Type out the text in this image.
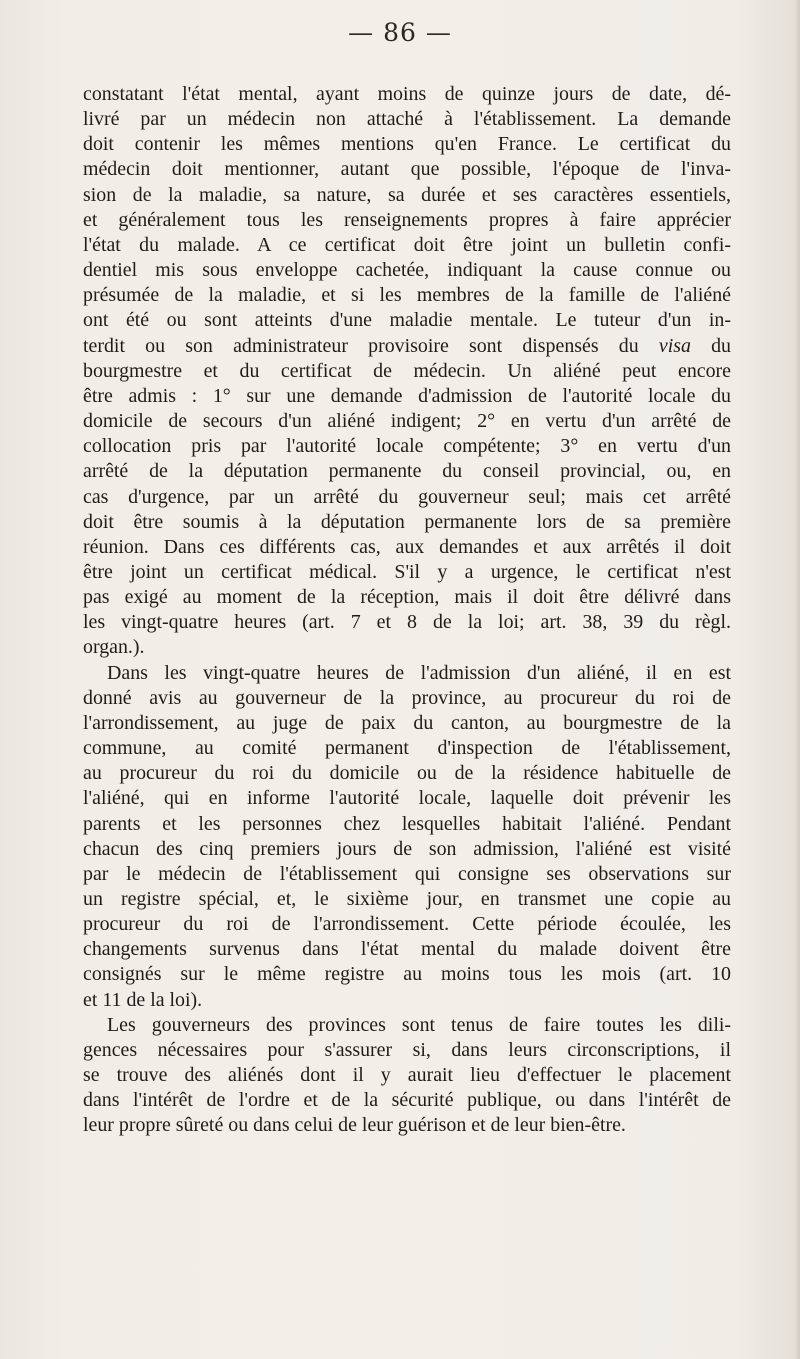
— 86 —
constatant l'état mental, ayant moins de quinze jours de date, dé-
livré par un médecin non attaché à l'établissement. La demande
doit contenir les mêmes mentions qu'en France. Le certificat du
médecin doit mentionner, autant que possible, l'époque de l'inva-
sion de la maladie, sa nature, sa durée et ses caractères essentiels,
et généralement tous les renseignements propres à faire apprécier
l'état du malade. A ce certificat doit être joint un bulletin confi-
dentiel mis sous enveloppe cachetée, indiquant la cause connue ou
présumée de la maladie, et si les membres de la famille de l'aliéné
ont été ou sont atteints d'une maladie mentale. Le tuteur d'un in-
terdit ou son administrateur provisoire sont dispensés du visa du
bourgmestre et du certificat de médecin. Un aliéné peut encore
être admis : 1° sur une demande d'admission de l'autorité locale du
domicile de secours d'un aliéné indigent; 2° en vertu d'un arrêté de
collocation pris par l'autorité locale compétente; 3° en vertu d'un
arrêté de la députation permanente du conseil provincial, ou, en
cas d'urgence, par un arrêté du gouverneur seul; mais cet arrêté
doit être soumis à la députation permanente lors de sa première
réunion. Dans ces différents cas, aux demandes et aux arrêtés il doit
être joint un certificat médical. S'il y a urgence, le certificat n'est
pas exigé au moment de la réception, mais il doit être délivré dans
les vingt-quatre heures (art. 7 et 8 de la loi; art. 38, 39 du règl.
organ.).
Dans les vingt-quatre heures de l'admission d'un aliéné, il en est
donné avis au gouverneur de la province, au procureur du roi de
l'arrondissement, au juge de paix du canton, au bourgmestre de la
commune, au comité permanent d'inspection de l'établissement,
au procureur du roi du domicile ou de la résidence habituelle de
l'aliéné, qui en informe l'autorité locale, laquelle doit prévenir les
parents et les personnes chez lesquelles habitait l'aliéné. Pendant
chacun des cinq premiers jours de son admission, l'aliéné est visité
par le médecin de l'établissement qui consigne ses observations sur
un registre spécial, et, le sixième jour, en transmet une copie au
procureur du roi de l'arrondissement. Cette période écoulée, les
changements survenus dans l'état mental du malade doivent être
consignés sur le même registre au moins tous les mois (art. 10
et 11 de la loi).
Les gouverneurs des provinces sont tenus de faire toutes les dili-
gences nécessaires pour s'assurer si, dans leurs circonscriptions, il
se trouve des aliénés dont il y aurait lieu d'effectuer le placement
dans l'intérêt de l'ordre et de la sécurité publique, ou dans l'intérêt de
leur propre sûreté ou dans celui de leur guérison et de leur bien-être.
